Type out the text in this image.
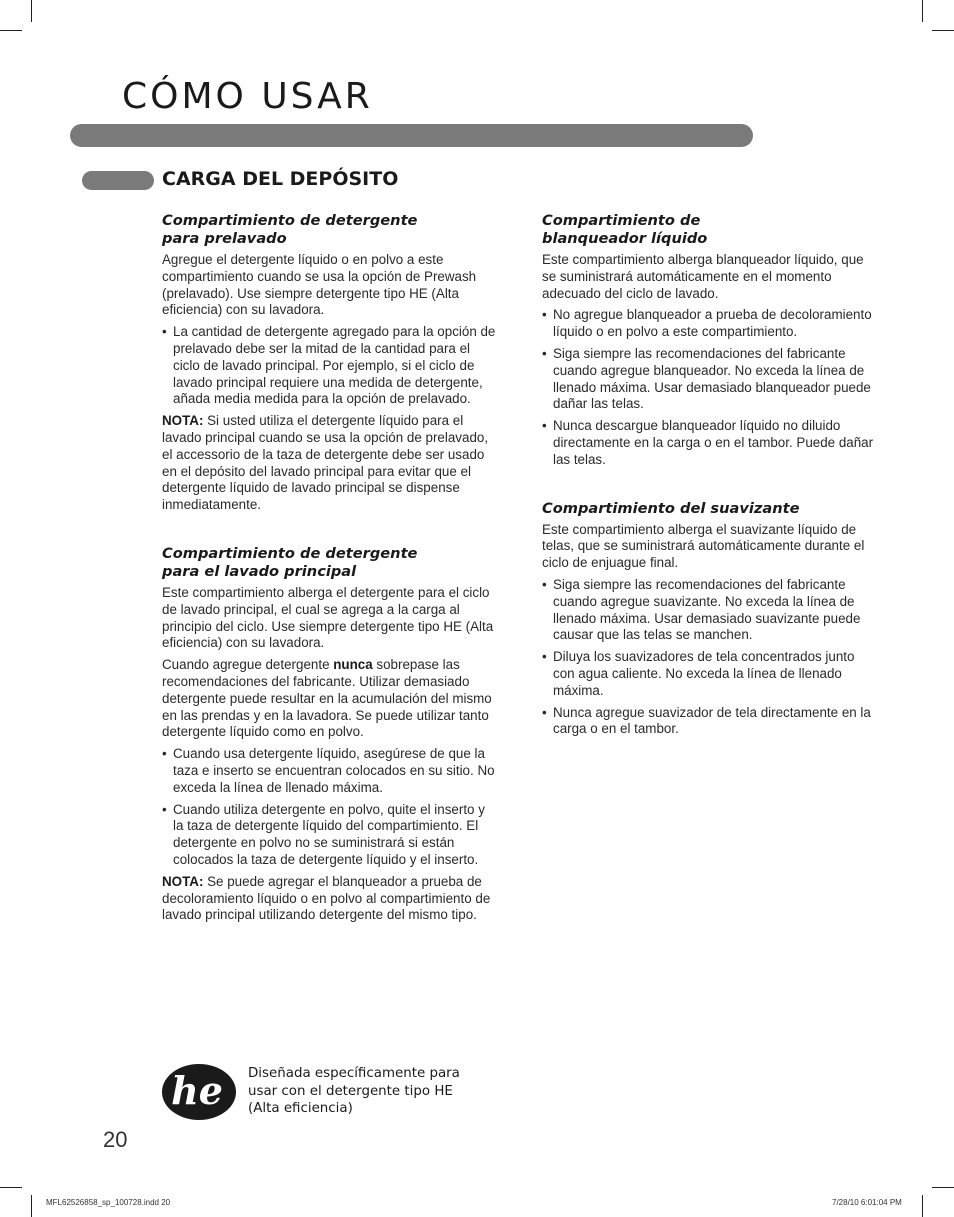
CÓMO USAR
CARGA DEL DEPÓSITO
Compartimiento de detergente
para prelavado

Agregue el detergente líquido o en polvo a este compartimiento cuando se usa la opción de Prewash (prelavado). Use siempre detergente tipo HE (Alta eficiencia) con su lavadora.

• La cantidad de detergente agregado para la opción de prelavado debe ser la mitad de la cantidad para el ciclo de lavado principal. Por ejemplo, si el ciclo de lavado principal requiere una medida de detergente, añada media medida para la opción de prelavado.

NOTA: Si usted utiliza el detergente líquido para el lavado principal cuando se usa la opción de prelavado, el accessorio de la taza de detergente debe ser usado en el depósito del lavado principal para evitar que el detergente líquido de lavado principal se dispense inmediatamente.

Compartimiento de detergente
para el lavado principal

Este compartimiento alberga el detergente para el ciclo de lavado principal, el cual se agrega a la carga al principio del ciclo. Use siempre detergente tipo HE (Alta eficiencia) con su lavadora.

Cuando agregue detergente nunca sobrepase las recomendaciones del fabricante. Utilizar demasiado detergente puede resultar en la acumulación del mismo en las prendas y en la lavadora. Se puede utilizar tanto detergente líquido como en polvo.

• Cuando usa detergente líquido, asegúrese de que la taza e inserto se encuentran colocados en su sitio. No exceda la línea de llenado máxima.
• Cuando utiliza detergente en polvo, quite el inserto y la taza de detergente líquido del compartimiento. El detergente en polvo no se suministrará si están colocados la taza de detergente líquido y el inserto.

NOTA: Se puede agregar el blanqueador a prueba de decoloramiento líquido o en polvo al compartimiento de lavado principal utilizando detergente del mismo tipo.

Compartimiento de
blanqueador líquido

Este compartimiento alberga blanqueador líquido, que se suministrará automáticamente en el momento adecuado del ciclo de lavado.

• No agregue blanqueador a prueba de decoloramiento líquido o en polvo a este compartimiento.
• Siga siempre las recomendaciones del fabricante cuando agregue blanqueador. No exceda la línea de llenado máxima. Usar demasiado blanqueador puede dañar las telas.
• Nunca descargue blanqueador líquido no diluido directamente en la carga o en el tambor. Puede dañar las telas.
Compartimiento del suavizante

Este compartimiento alberga el suavizante líquido de telas, que se suministrará automáticamente durante el ciclo de enjuague final.

• Siga siempre las recomendaciones del fabricante cuando agregue suavizante. No exceda la línea de llenado máxima. Usar demasiado suavizante puede causar que las telas se manchen.
• Diluya los suavizadores de tela concentrados junto con agua caliente. No exceda la línea de llenado máxima.
• Nunca agregue suavizador de tela directamente en la carga o en el tambor.
he Diseñada específicamente para usar con el detergente tipo HE (Alta eficiencia)
20
MFL62526858_sp_100728.indd 20	7/28/10 6:01:04 PM
